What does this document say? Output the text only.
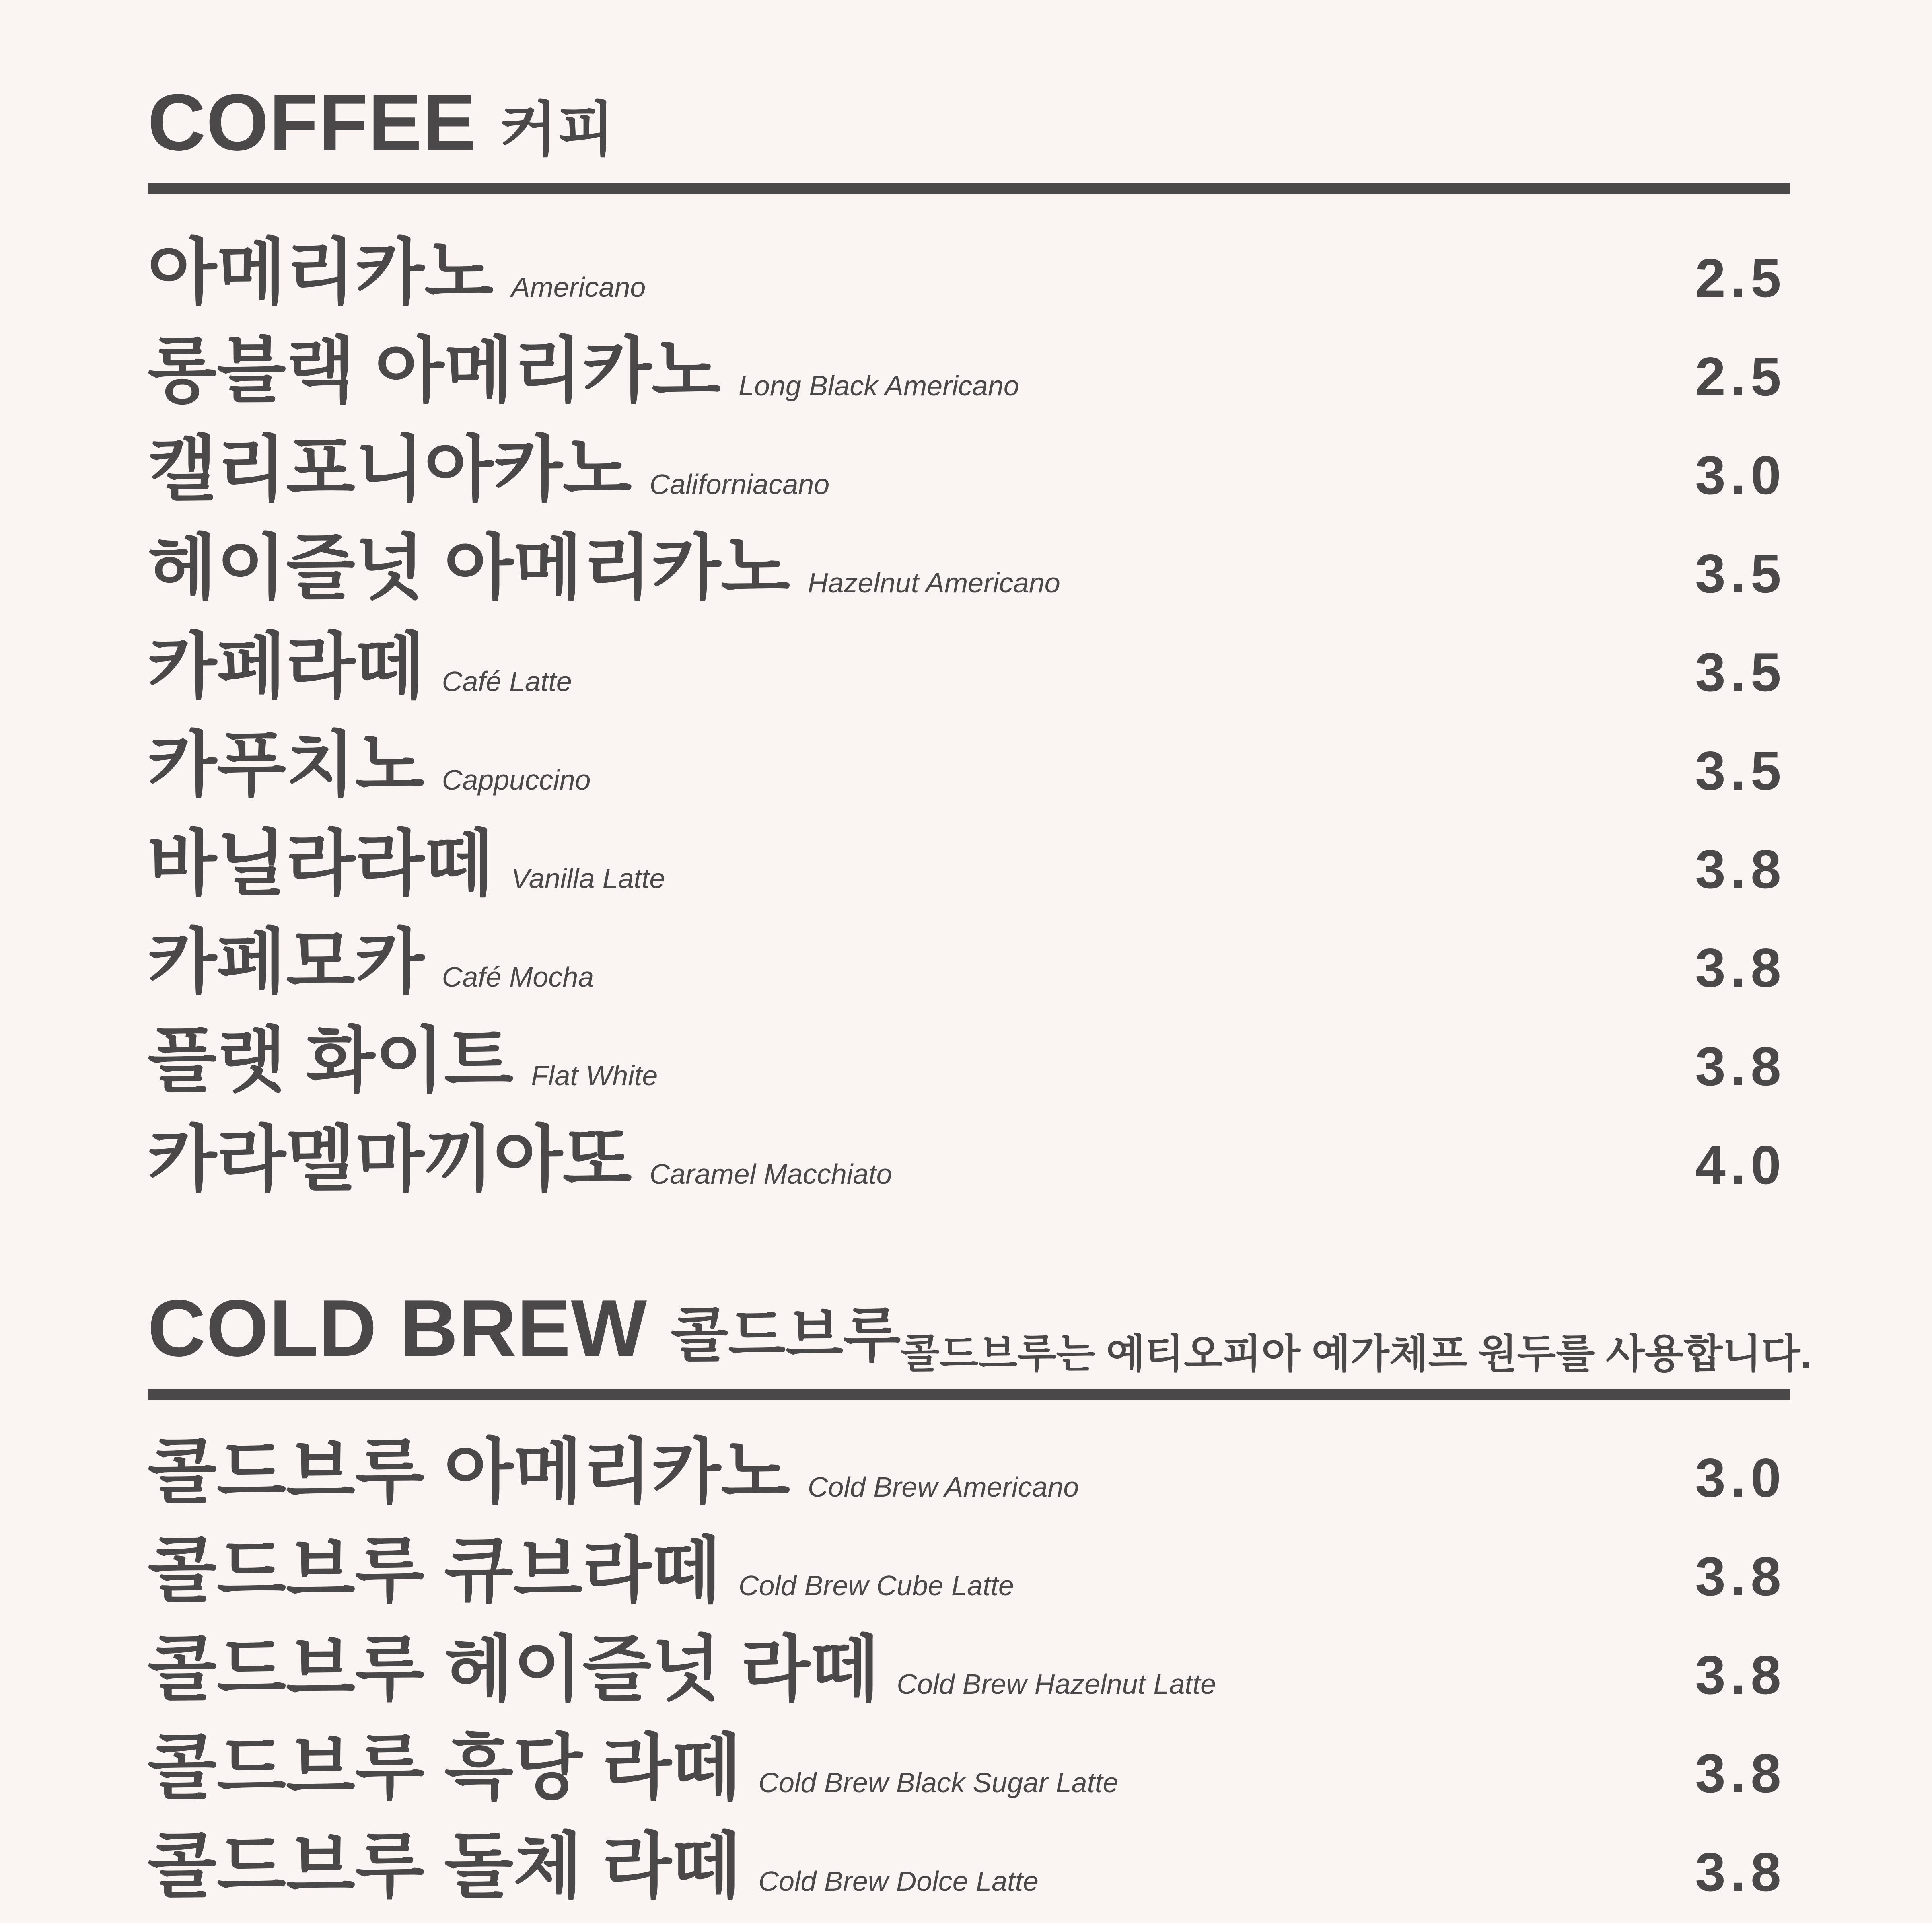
COFFEE 커피
아메리카노 Americano	2.5
롱블랙 아메리카노 Long Black Americano	2.5
캘리포니아카노 Californiacano	3.0
헤이즐넛 아메리카노 Hazelnut Americano	3.5
카페라떼 Café Latte	3.5
카푸치노 Cappuccino	3.5
바닐라라떼 Vanilla Latte	3.8
카페모카 Café Mocha	3.8
플랫 화이트 Flat White	3.8
카라멜마끼아또 Caramel Macchiato	4.0
COLD BREW 콜드브루 콜드브루는 예티오피아 예가체프 원두를 사용합니다.

콜드브루 아메리카노 Cold Brew Americano	3.0
콜드브루 큐브라떼 Cold Brew Cube Latte	3.8
콜드브루 헤이즐넛 라떼 Cold Brew Hazelnut Latte	3.8
콜드브루 흑당 라떼 Cold Brew Black Sugar Latte	3.8
콜드브루 돌체 라떼 Cold Brew Dolce Latte	3.8
